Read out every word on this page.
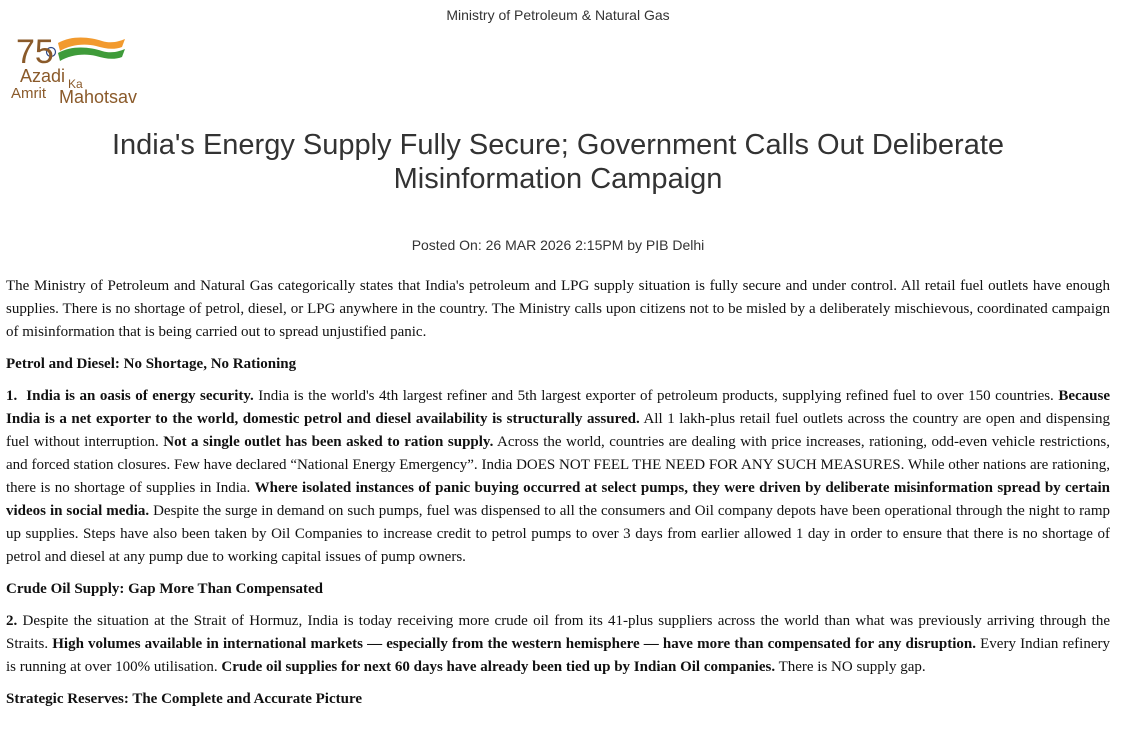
Ministry of Petroleum & Natural Gas
75
Azadi Ka
Amrit Mahotsav
India's Energy Supply Fully Secure; Government Calls Out Deliberate Misinformation Campaign
Posted On: 26 MAR 2026 2:15PM by PIB Delhi

The Ministry of Petroleum and Natural Gas categorically states that India's petroleum and LPG supply situation is fully secure and under control. All retail fuel outlets have enough supplies. There is no shortage of petrol, diesel, or LPG anywhere in the country. The Ministry calls upon citizens not to be misled by a deliberately mischievous, coordinated campaign of misinformation that is being carried out to spread unjustified panic.

Petrol and Diesel: No Shortage, No Rationing

1. India is an oasis of energy security. India is the world's 4th largest refiner and 5th largest exporter of petroleum products, supplying refined fuel to over 150 countries. Because India is a net exporter to the world, domestic petrol and diesel availability is structurally assured. All 1 lakh-plus retail fuel outlets across the country are open and dispensing fuel without interruption. Not a single outlet has been asked to ration supply. Across the world, countries are dealing with price increases, rationing, odd-even vehicle restrictions, and forced station closures. Few have declared “National Energy Emergency”. India DOES NOT FEEL THE NEED FOR ANY SUCH MEASURES. While other nations are rationing, there is no shortage of supplies in India. Where isolated instances of panic buying occurred at select pumps, they were driven by deliberate misinformation spread by certain videos in social media. Despite the surge in demand on such pumps, fuel was dispensed to all the consumers and Oil company depots have been operational through the night to ramp up supplies. Steps have also been taken by Oil Companies to increase credit to petrol pumps to over 3 days from earlier allowed 1 day in order to ensure that there is no shortage of petrol and diesel at any pump due to working capital issues of pump owners.

Crude Oil Supply: Gap More Than Compensated

2. Despite the situation at the Strait of Hormuz, India is today receiving more crude oil from its 41-plus suppliers across the world than what was previously arriving through the Straits. High volumes available in international markets — especially from the western hemisphere — have more than compensated for any disruption. Every Indian refinery is running at over 100% utilisation. Crude oil supplies for next 60 days have already been tied up by Indian Oil companies. There is NO supply gap.

Strategic Reserves: The Complete and Accurate Picture
